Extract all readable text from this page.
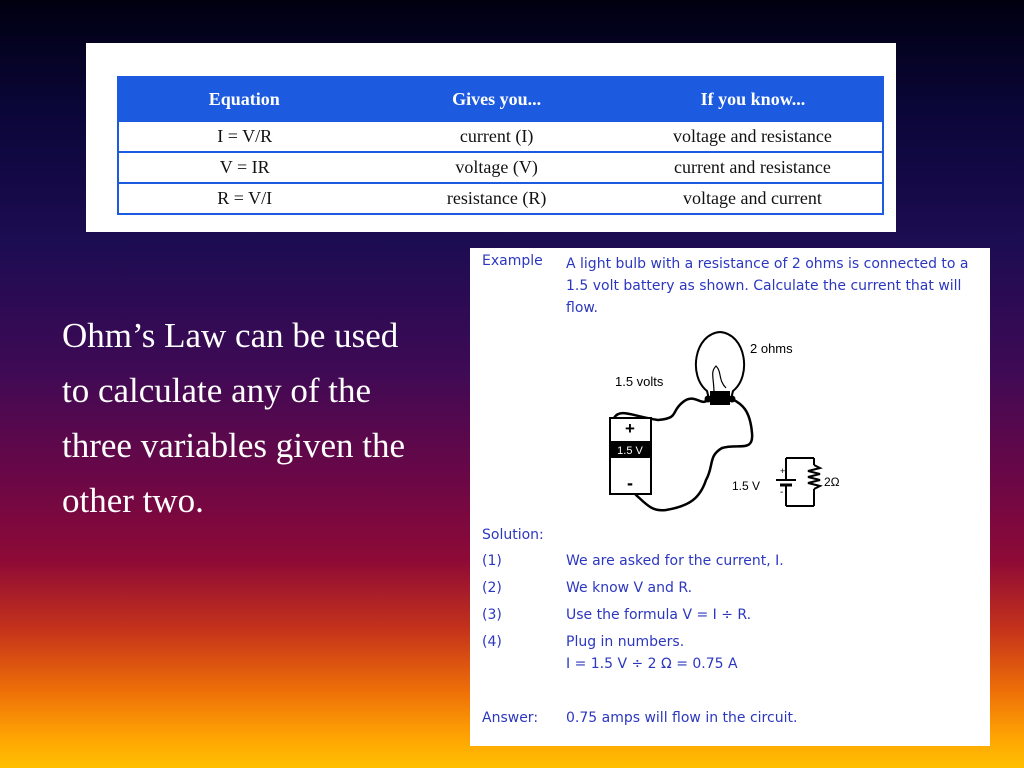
Equation	Gives you...	If you know...
I = V/R	current (I)	voltage and resistance
V = IR	voltage (V)	current and resistance
R = V/I	resistance (R)	voltage and current
Ohm’s Law can be used to calculate any of the three variables given the other two.
Example A light bulb with a resistance of 2 ohms is connected to a 1.5 volt battery as shown. Calculate the current that will flow.
+
1.5 V
-
2 ohms
1.5 volts
+
-
1.5 V	2Ω
Solution:
(1)	We are asked for the current, I.
(2)	We know V and R.
(3)	Use the formula V = I ÷ R.
(4)	Plug in numbers.
I = 1.5 V ÷ 2 Ω = 0.75 A
Answer: 0.75 amps will flow in the circuit.
